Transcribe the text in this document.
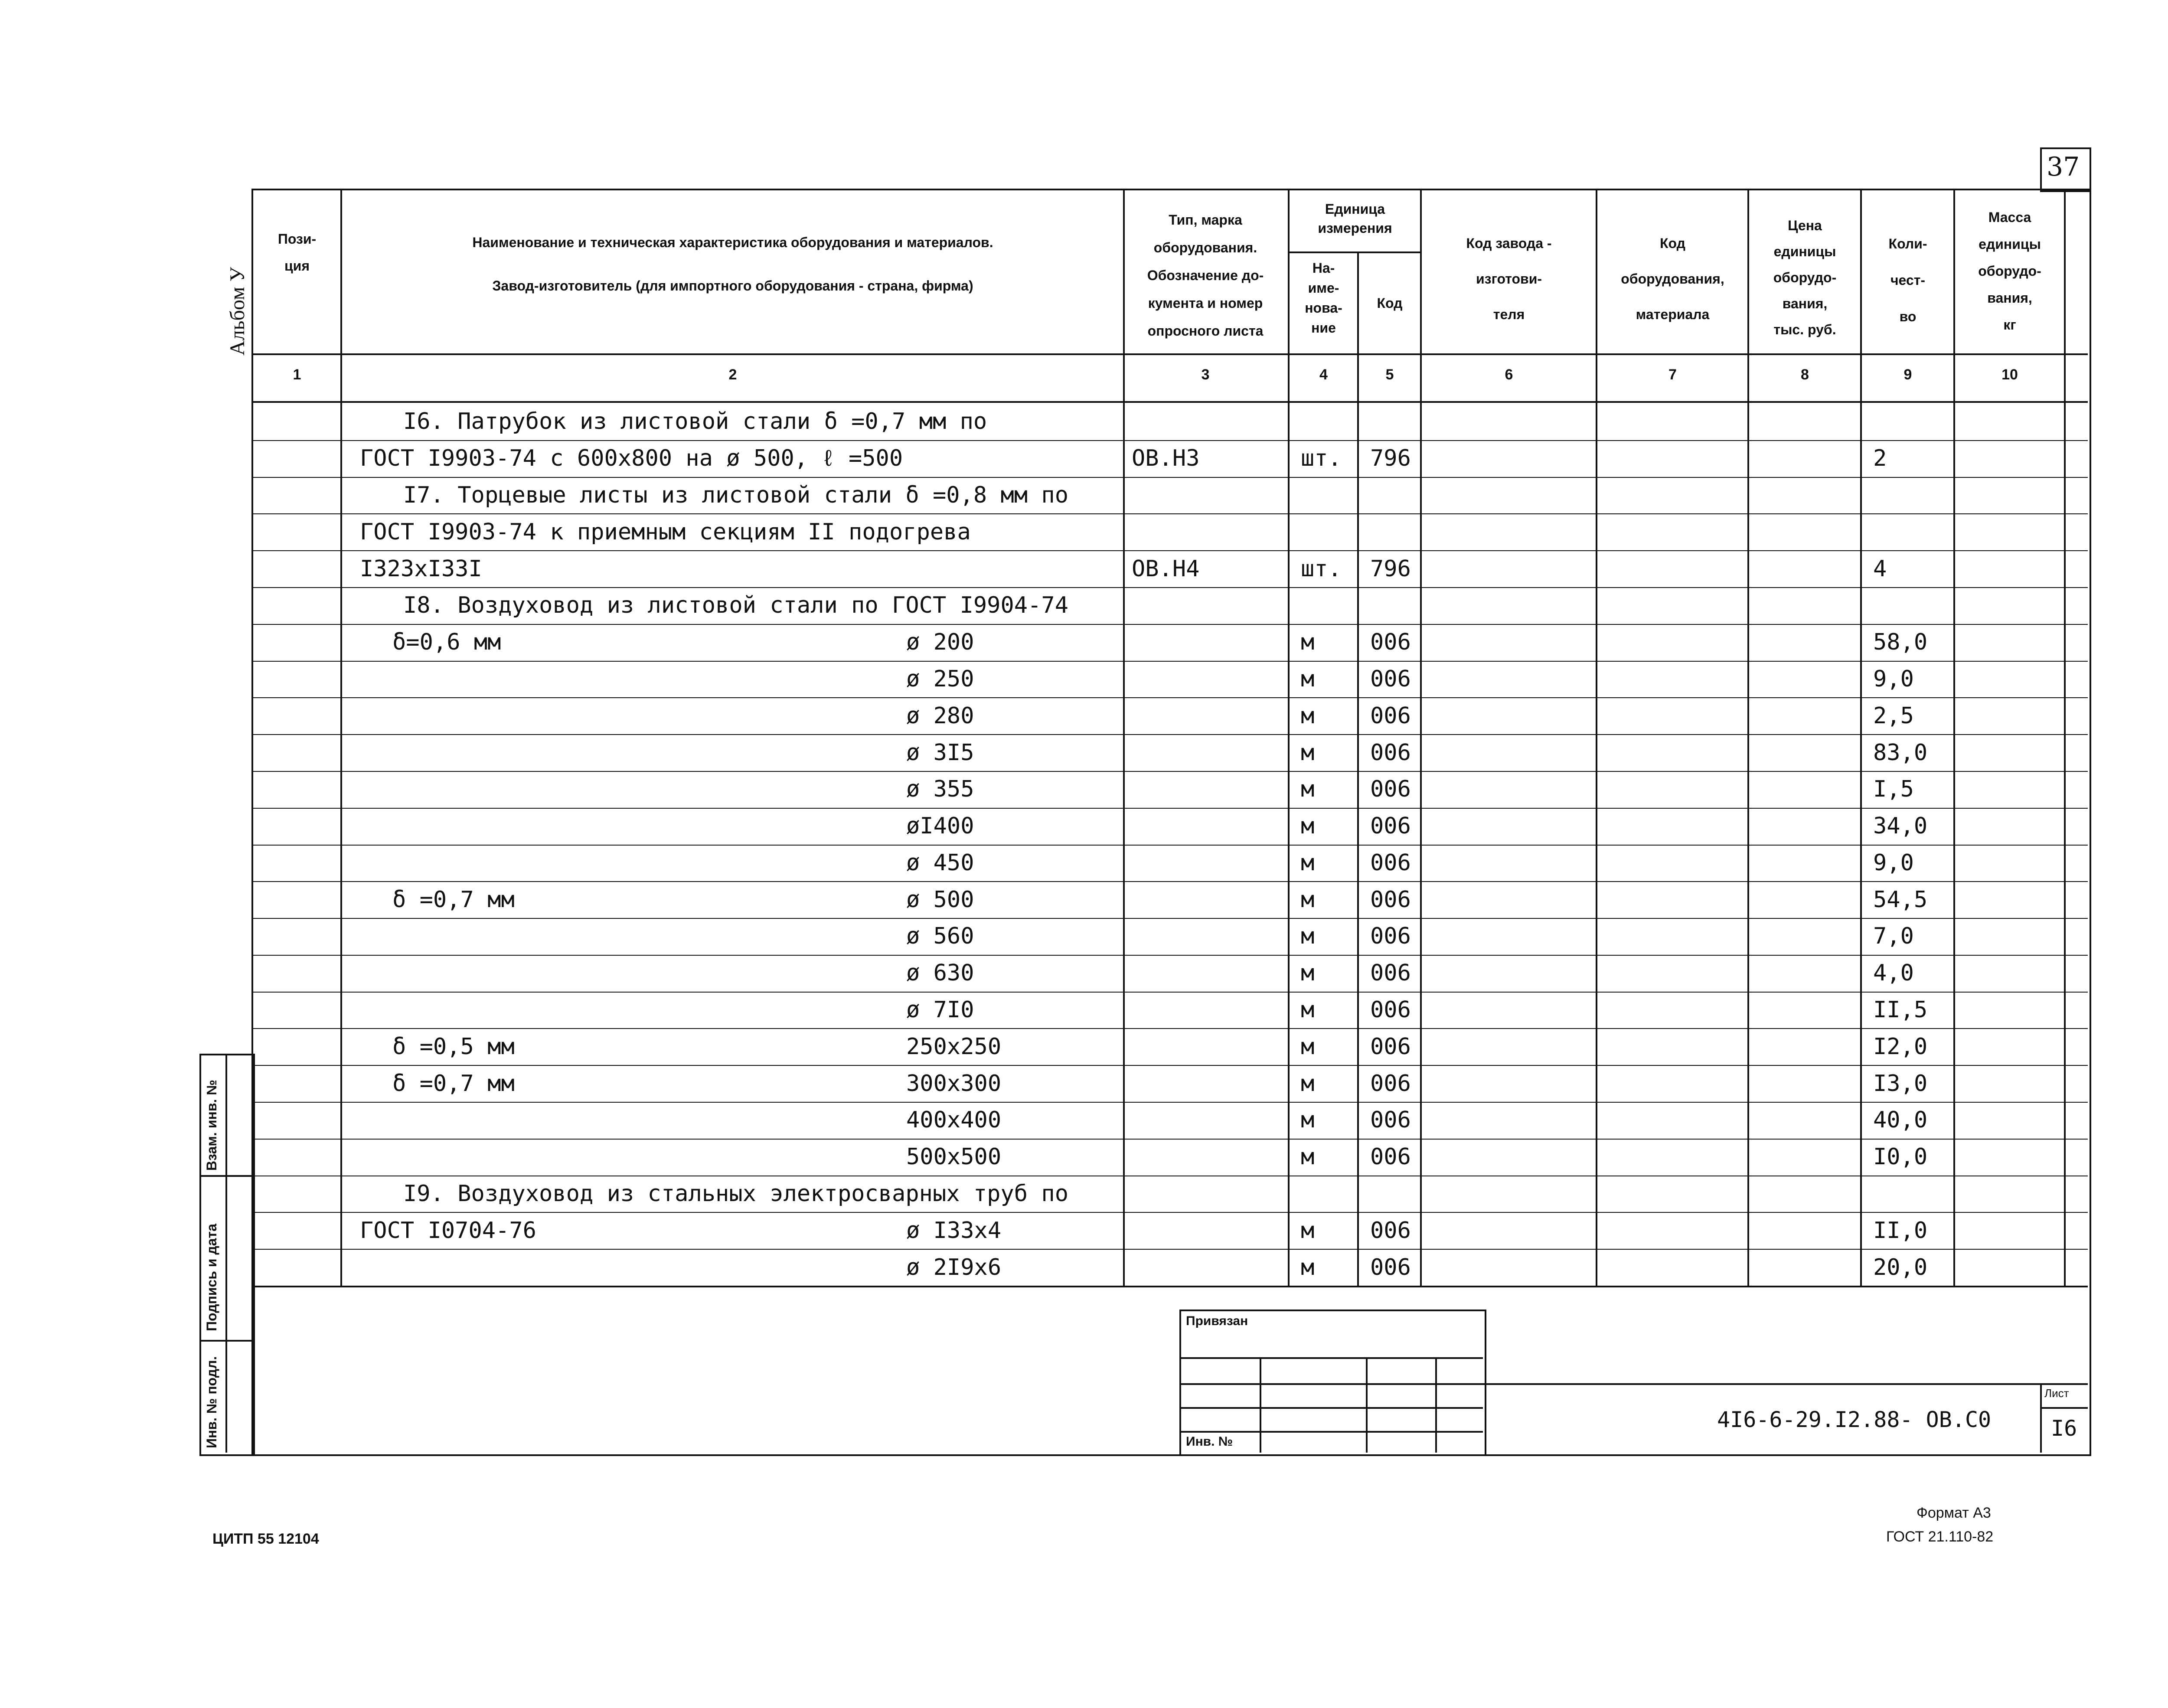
37
Альбом У
Пози-
ция
Наименование и техническая характеристика оборудования и материалов.
Завод-изготовитель (для импортного оборудования - страна, фирма)
Тип, марка
оборудования.
Обозначение до-
кумента и номер
опросного листа
Единица
измерения
На-
име-
нова-
ние
Код
Код завода -
изготови-
теля
Код
оборудования,
материала
Цена
единицы
оборудо-
вания,
тыс. руб.
Коли-
чест-
во
Масса
единицы
оборудо-
вания,
кг
1	2	3	4	5	6	7	8	9	10
I6. Патрубок из листовой стали δ =0,7 мм по
ГОСТ I9903-74 с 600х800 на ø 500, ℓ =500	ОВ.Н3	шт. 796	2
I7. Торцевые листы из листовой стали δ =0,8 мм по
ГОСТ I9903-74 к приемным секциям II подогрева
I323хI33I	ОВ.Н4	шт. 796	4
I8. Воздуховод из листовой стали по ГОСТ I9904-74
δ=0,6 мм	ø 200	м 006	58,0
ø 250	м 006	9,0
ø 280	м 006	2,5
ø 3I5	м 006	83,0
ø 355	м 006	I,5
øI400	м 006	34,0
ø 450	м 006	9,0
δ =0,7 мм	ø 500	м 006	54,5
ø 560	м 006	7,0
ø 630	м 006	4,0
ø 7I0	м 006	II,5
δ =0,5 мм	250х250	м 006	I2,0
δ =0,7 мм	300х300	м 006	I3,0
400х400	м 006	40,0
500х500	м 006	I0,0
I9. Воздуховод из стальных электросварных труб по
ГОСТ I0704-76	ø I33х4	м 006	II,0
ø 2I9х6	м 006	20,0
Взам. инв. №
Подпись и дата
Инв. № подл.
Привязан
Инв. №
4I6-6-29.I2.88- ОВ.С0
Лист
I6
ЦИТП 55 12104
Формат А3
ГОСТ 21.110-82
